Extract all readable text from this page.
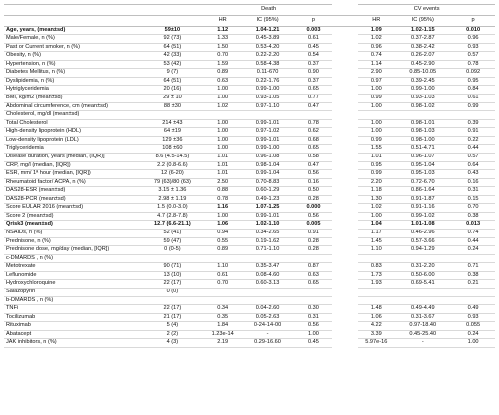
		Death				CV events		
		HR	IC (95%)	p		HR	IC (95%)	p
Age, years, (mean±sd)	59±10	1.12	1.04-1.21	0.003		1.09	1.02-1.15	0.010
Male/Female, n (%)	92 (73)	1.33	0.45-3.89	0.61		1.02	0.37-2.87	0.96
Past or Current smoker, n (%)	64 (51)	1.50	0.53-4.20	0.45		0.96	0.38-2.42	0.93
Obesity, n (%)	42 (33)	0.70	0.22-2.20	0.54		0.74	0.26-2.07	0.57
Hypertension, n (%)	53 (42)	1.59	0.58-4.38	0.37		1.14	0.45-2.90	0.78
Diabetes Mellitus, n (%)	9 (7)	0.89	0.11-670	0.90		2.90	0.85-10.05	0.092
Dyslipidemia, n (%)	64 (51)	0.63	0.22-1.76	0.37		0.97	0.39-2.45	0.95
Hytriglyceridemia	20 (16)	1.00	0.99-1.00	0.65		1.00	0.99-1.00	0.84
BMI, kg/m2 (mean±sd)	29 ± 10	1.00	0.93-1.05	0.77		0.99	0.93-1.03	0.61
Abdominal circumference, cm (mean±sd)	88 ±30	1.02	0.97-1.10	0.47		1.00	0.98-1.02	0.99
Cholesterol, mg/dl (mean±sd)								
Total Cholesterol	214 ±43	1.00	0.99-1.01	0.78		1.00	0.98-1.01	0.39
High-density lipoprotein (HDL)	64 ±19	1.00	0.97-1.02	0.62		1.00	0.98-1.03	0.91
Low-density lipoprotein (LDL)	129 ±36	1.00	0.99-1.01	0.68		0.99	0.98-1.00	0.22
Triglyceridemia	108 ±60	1.00	0.99-1.00	0.65		1.55	0.51-4.71	0.44
Disease duration, years [median, (IQR)]	8.6 (4.5-14.5)	1.01	0.96-1.08	0.58		1.01	0.96-1.07	0.57
CRP, mg/l (median, [IQR])	2.2 (0.8-6.6)	1.01	0.98-1.04	0.47		0.95	0.95-1.04	0.64
ESR, mm/ 1ª hour (median, [IQR])	12 (6-20)	1.01	0.99-1.04	0.56		0.99	0.95-1.03	0.43
Rheumatoid factor/ ACPA, n (%)	79 (63)/80 (63)	2.50	0.70-8.83	0.16		2.20	0.72-6.70	0.16
DAS28-ESR (mean±sd)	3.15 ± 1.36	0.88	0.60-1.29	0.50		1.18	0.86-1.64	0.31
DAS28-PCR (mean±sd)	2.98 ± 1.19	0.78	0.49-1.23	0.28		1.30	0.91-1.87	0.15
Score EULAR 2016 (mean±sd)	1.5 (0.0-3.0)	1.16	1.07-1.25	0.000		1.02	0.91-1.16	0.70
Score 2 (mean±sd)	4.7 (2.8-7.8)	1.00	0.99-1.01	0.56		1.00	0.99-1.02	0.38
Qrisk3 (mean±sd)	12.7 (6.6-21.1)	1.06	1.02-1.10	0.005		1.04	1.01-1.08	0.013
NSAIDs, n (%)	52 (41)	0.94	0.34-2.65	0.91		1.17	0.46-2.96	0.74
Prednisone, n (%)	59 (47)	0.55	0.19-1.62	0.28		1.45	0.57-3.66	0.44
Prednisone dose, mg/day (median, [IQR])	0 (0-5)	0.89	0.71-1.10	0.28		1.10	0.94-1.29	0.24
c-DMARDS , n (%)								
Metotrexate	90 (71)	1.10	0.35-3.47	0.87		0.83	0.31-2.20	0.71
Leflunomide	13 (10)	0.61	0.08-4.60	0.63		1.73	0.50-6.00	0.38
Hydroxychloroquine	22 (17)	0.70	0.60-3.13	0.65		1.93	0.69-5.41	0.21
Salazopyrin	0 (0)							
b-DMARDS , n (%)								
TNFi	22 (17)	0.34	0.04-2.60	0.30		1.48	0.49-4.49	0.49
Tocilizumab	21 (17)	0.35	0.05-2.63	0.31		1.06	0.31-3.67	0.93
Rituximab	5 (4)	1.84	0-24-14-00	0.56		4.22	0.97-18.40	0.055
Abatacept	2 (2)	1.23e-14	-	1.00		3.39	0.45-25.40	0.24
JAK inhibitors, n (%)	4 (3)	2.19	0.29-16.60	0.45		5.97e-16	-	1.00
